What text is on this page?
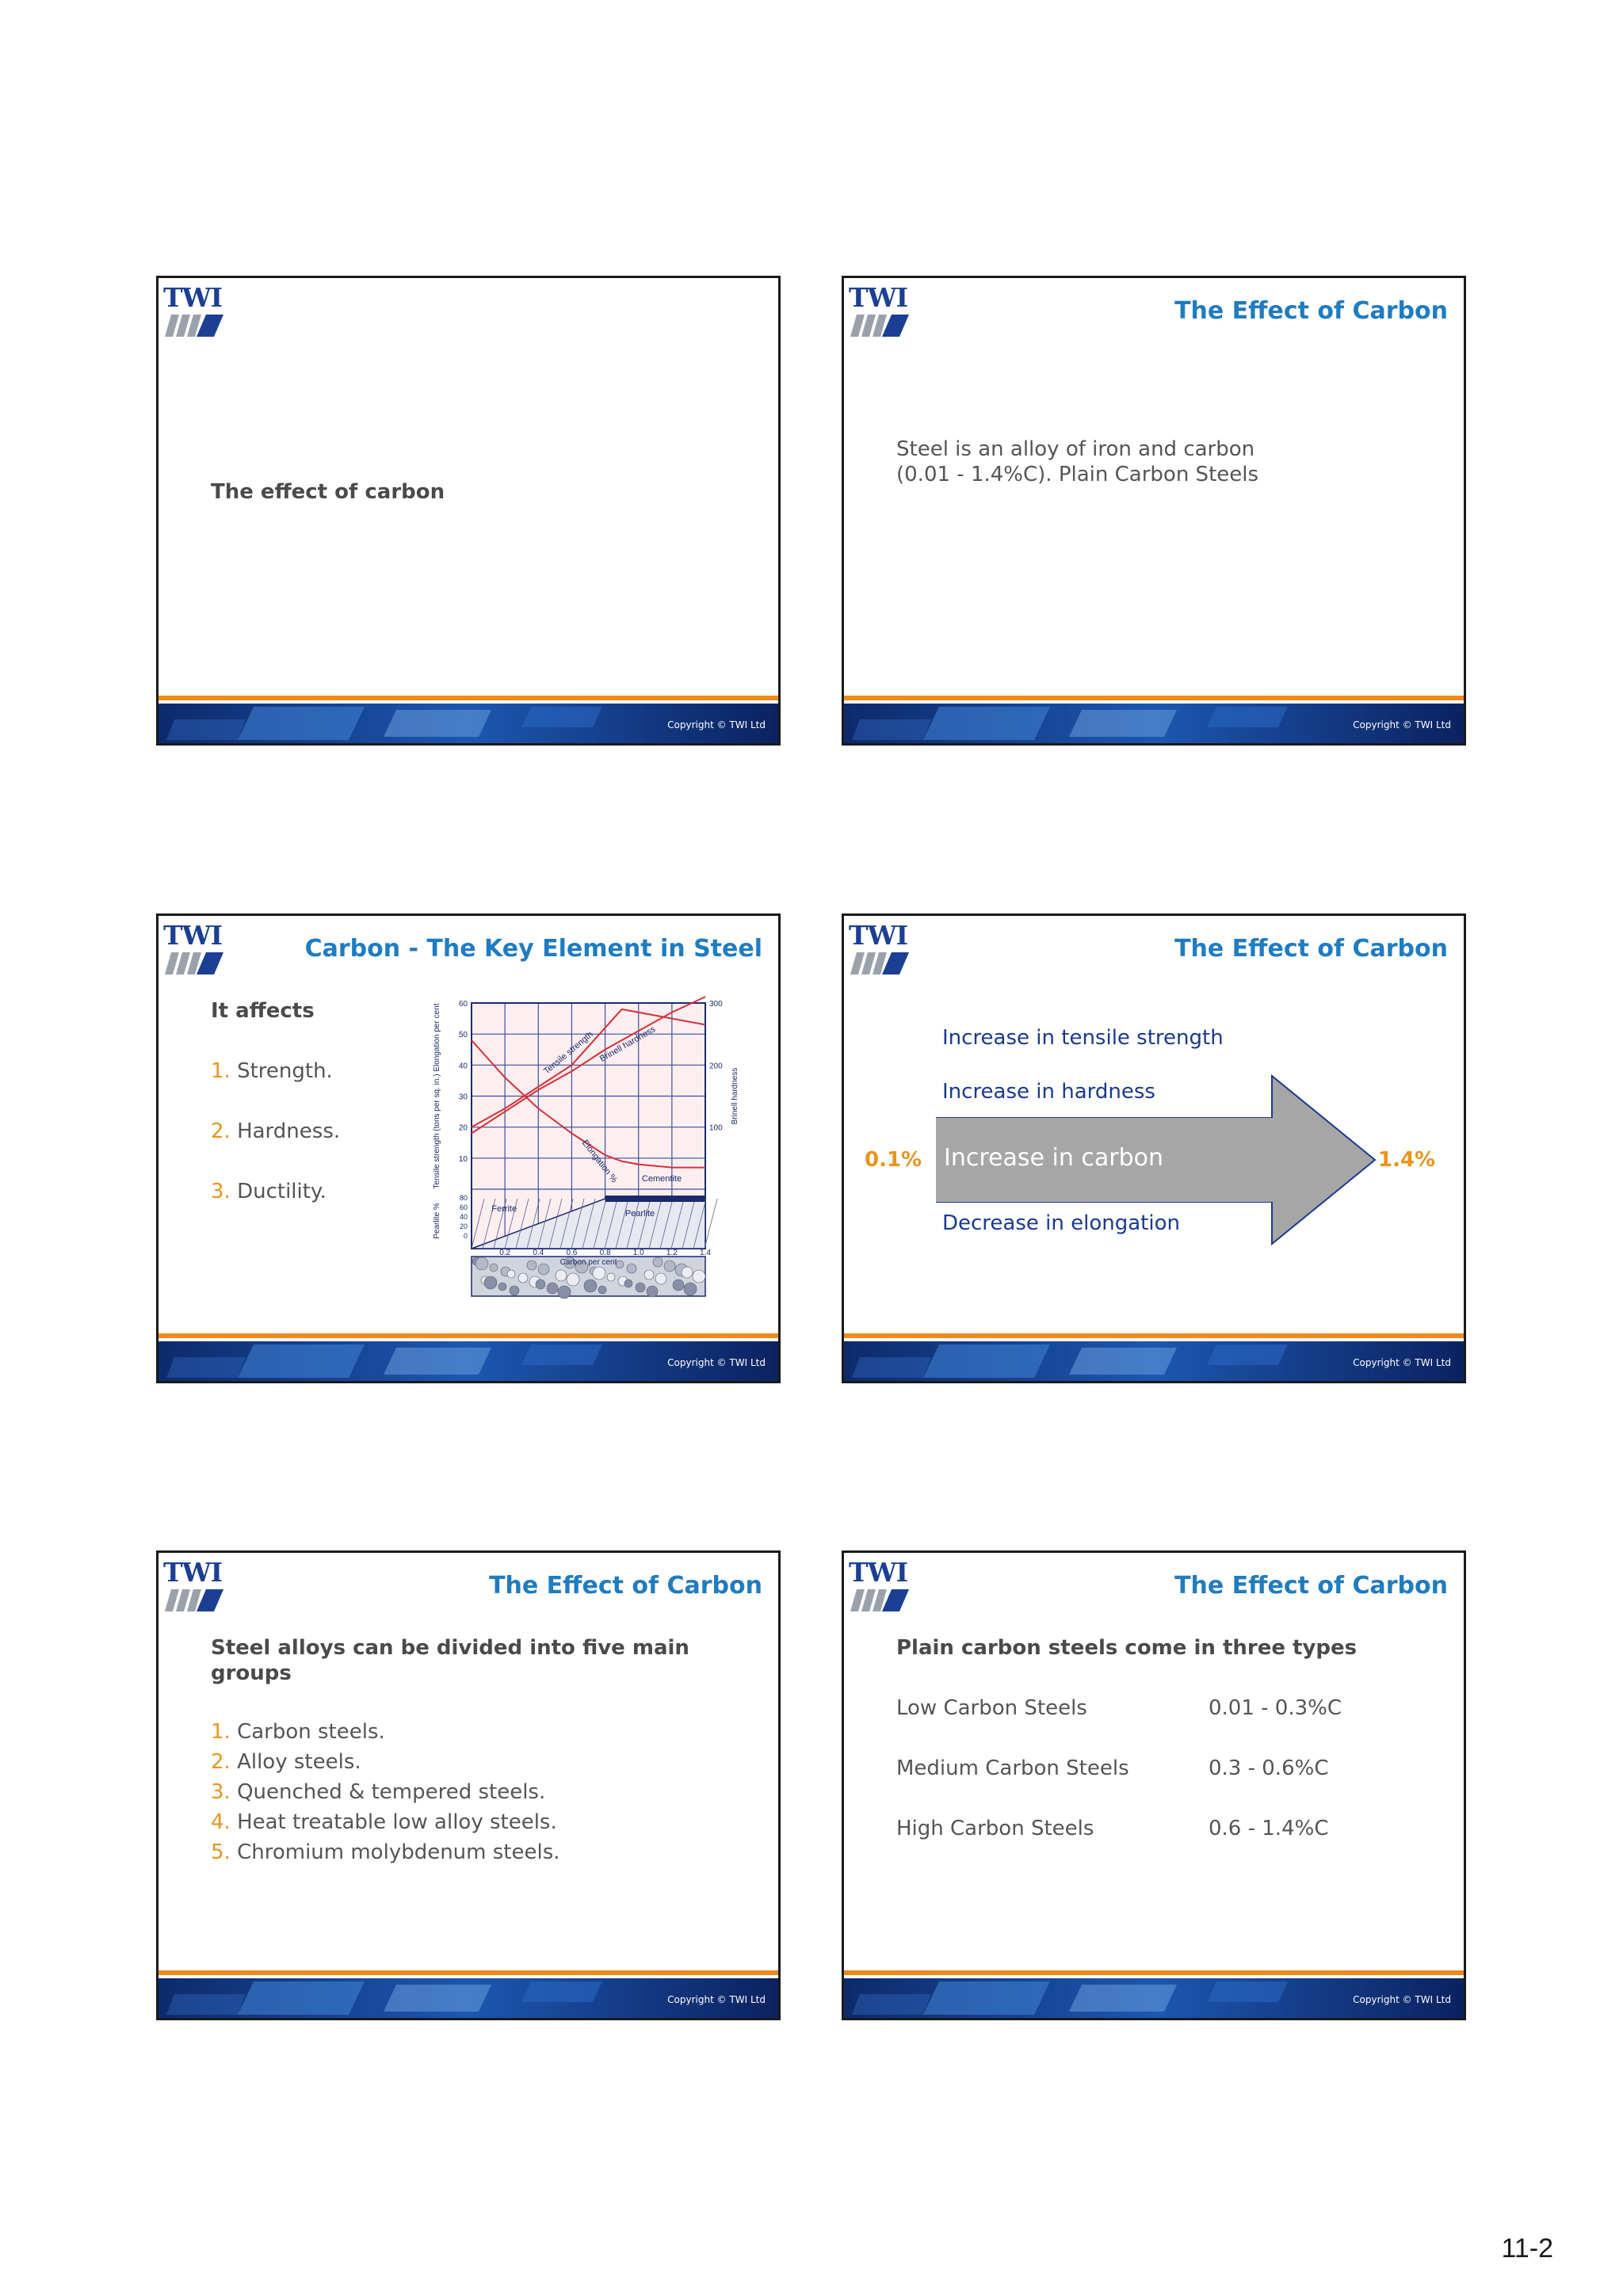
TWI
The effect of carbon
Copyright © TWI Ltd
TWI	The Effect of Carbon
Steel is an alloy of iron and carbon
(0.01 - 1.4%C). Plain Carbon Steels
Copyright © TWI Ltd
TWI	Carbon - The Key Element in Steel
It affects
1. Strength.
2. Hardness.
3. Ductility.
Tensile strength Brinell hardness
Elongation %
Ferrite	Pearlite
Cementite
0.2	0.4	0.6	0.8	1.0	1.2	1.4
Carbon per cent
10
20
30
40
50
60
100
200
300
80
60
40
20
0
Tensile strength (tons per sq. in.) Elongation per cent	Brinell hardness
Pearlite %
Copyright © TWI Ltd
TWI	The Effect of Carbon
Increase in tensile strength
Increase in hardness
Increase in carbon
0.1%	1.4%
Decrease in elongation
Copyright © TWI Ltd
TWI	The Effect of Carbon
Steel alloys can be divided into five main
groups
1. Carbon steels.
2. Alloy steels.
3. Quenched & tempered steels.
4. Heat treatable low alloy steels.
5. Chromium molybdenum steels.
Copyright © TWI Ltd
TWI	The Effect of Carbon
Plain carbon steels come in three types
Low Carbon Steels	0.01 - 0.3%C
Medium Carbon Steels	0.3 - 0.6%C
High Carbon Steels	0.6 - 1.4%C
Copyright © TWI Ltd
11-2
